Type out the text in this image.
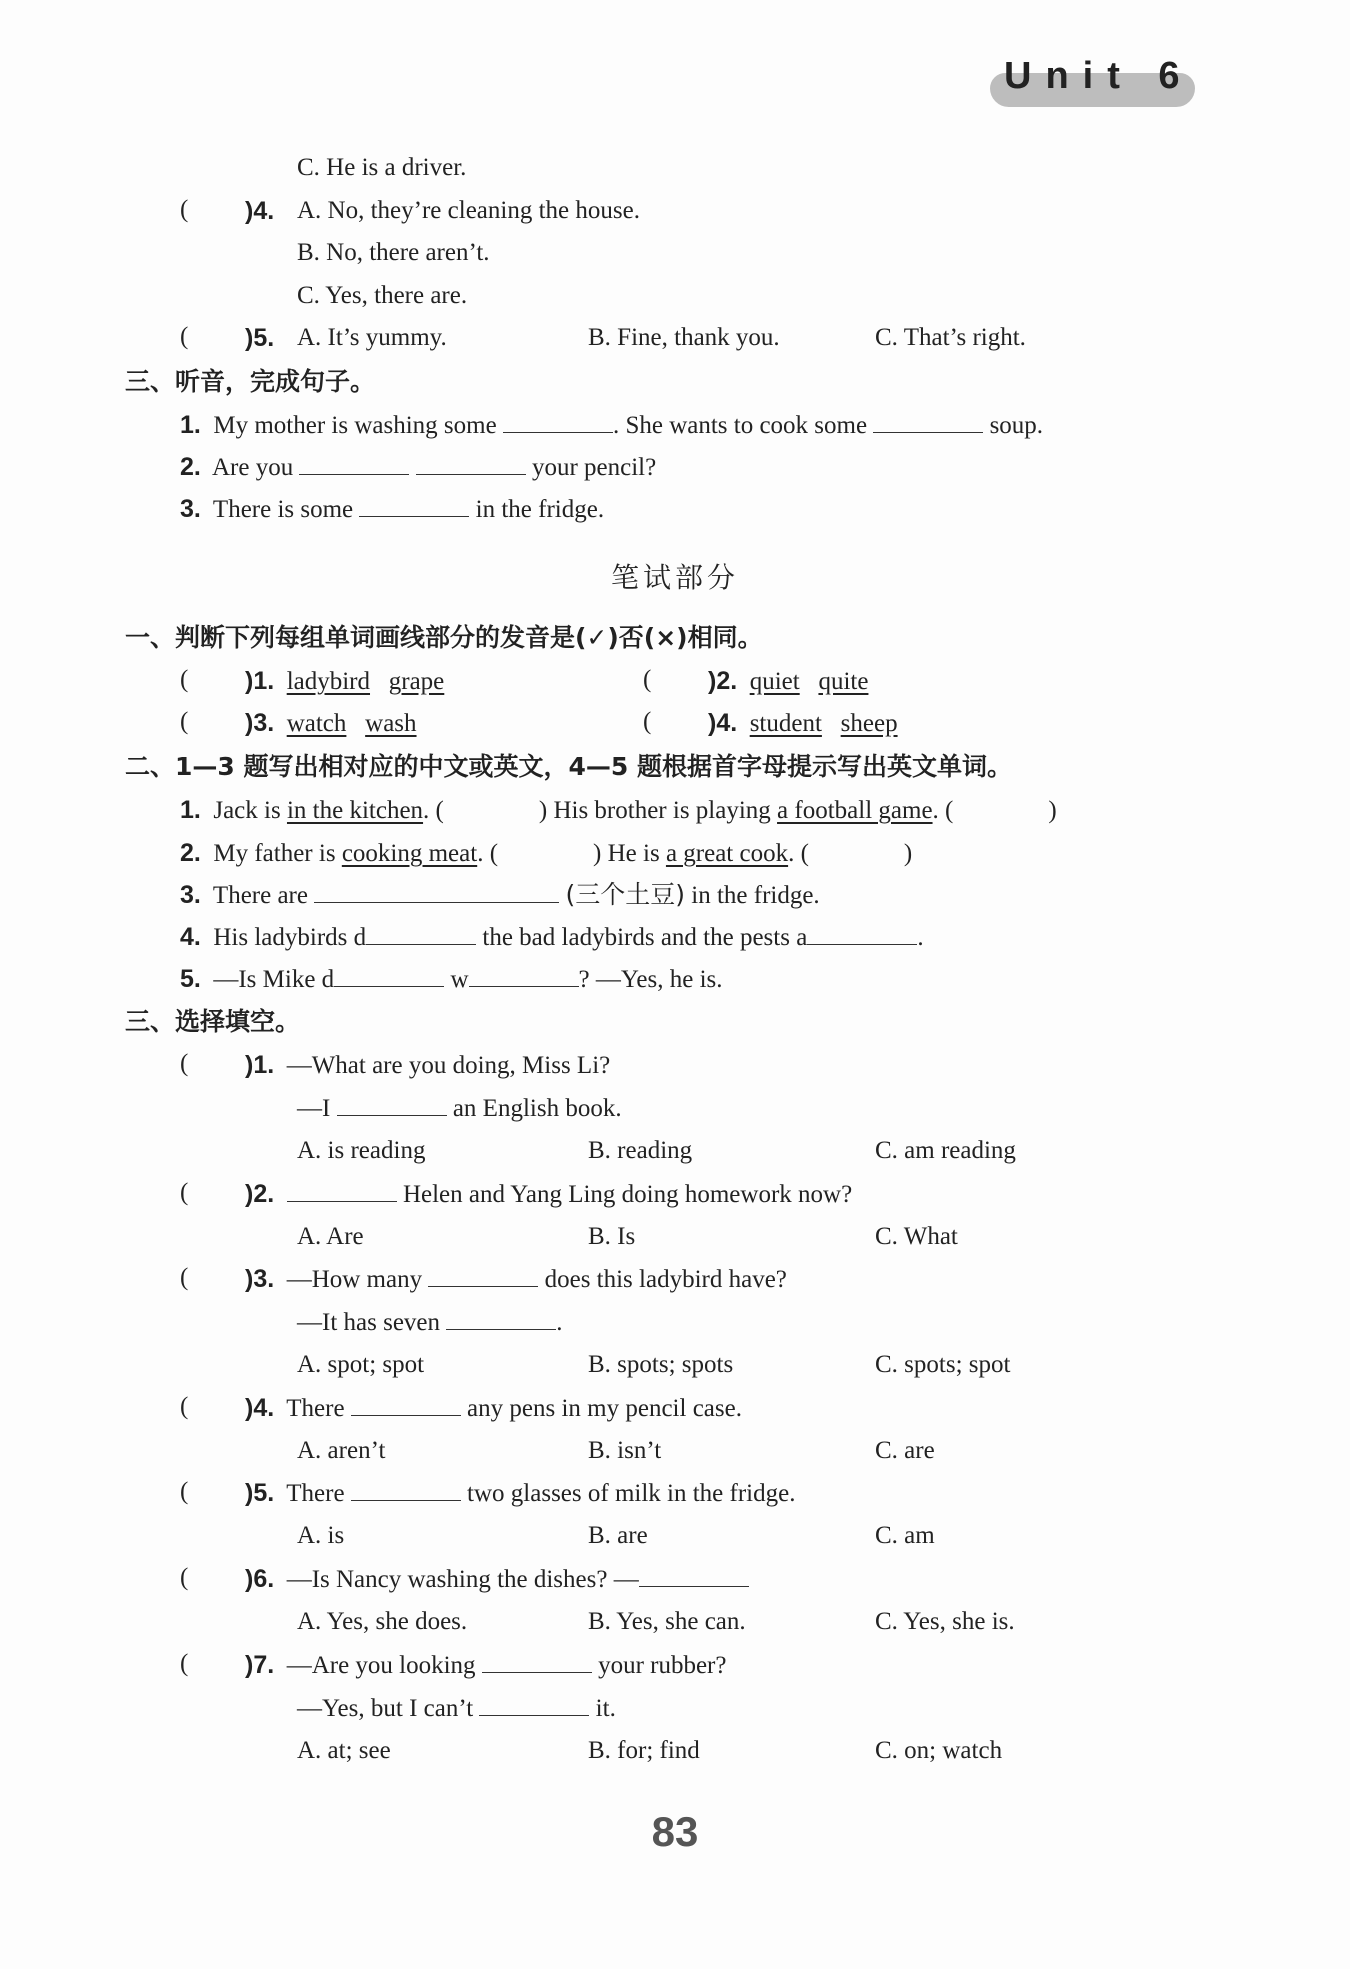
Unit 6
C. He is a driver.
( )4. A. No, they’re cleaning the house.
B. No, there aren’t.
C. Yes, there are.
( )5. A. It’s yummy.	B. Fine, thank you.	C. That’s right.
三、听音，完成句子。
1. My mother is washing some	. She wants to cook some	soup.
2. Are you	your pencil?
3. There is some	in the fridge.
笔试部分
一、判断下列每组单词画线部分的发音是(✓)否(×)相同。
( )1. ladybird grape	( )2. quiet quite
( )3. watch wash	( )4. student sheep
二、1—3 题写出相对应的中文或英文，4—5 题根据首字母提示写出英文单词。
1. Jack is in the kitchen. (	) His brother is playing a football game. (	)
2. My father is cooking meat. (	) He is a great cook. (	)
3. There are	(三个土豆) in the fridge.
4. His ladybirds d	the bad ladybirds and the pests a	.
5. —Is Mike d	w	? —Yes, he is.
三、选择填空。
( )1. —What are you doing, Miss Li?
—I	an English book.
A. is reading	B. reading	C. am reading
( )2.	Helen and Yang Ling doing homework now?
A. Are	B. Is	C. What
( )3. —How many	does this ladybird have?
—It has seven	.
A. spot; spot	B. spots; spots	C. spots; spot
( )4. There	any pens in my pencil case.
A. aren’t	B. isn’t	C. are
( )5. There	two glasses of milk in the fridge.
A. is	B. are	C. am
( )6. —Is Nancy washing the dishes? —
A. Yes, she does.	B. Yes, she can.	C. Yes, she is.
( )7. —Are you looking	your rubber?
—Yes, but I can’t	it.
A. at; see	B. for; find	C. on; watch
83
